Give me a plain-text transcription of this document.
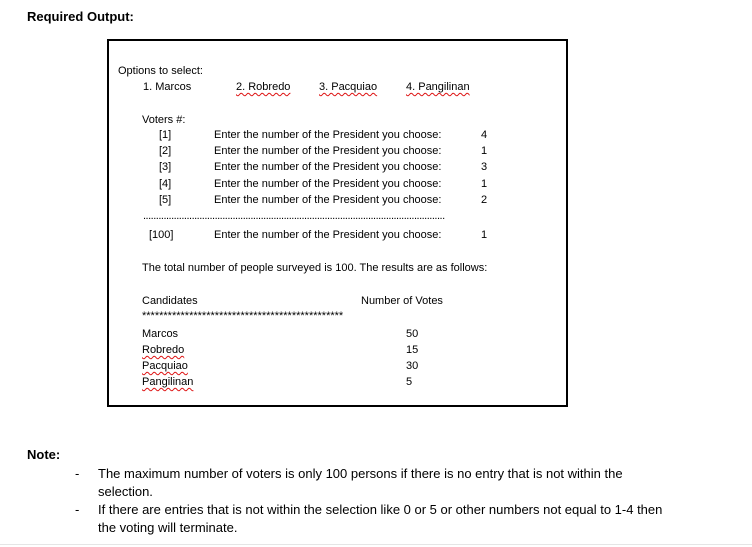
Required Output:
Options to select:
1. Marcos	2. Robredo	3. Pacquiao	4. Pangilinan
Voters #:
[1]	Enter the number of the President you choose:	4
[2]	Enter the number of the President you choose:	1
[3]	Enter the number of the President you choose:	3
[4]	Enter the number of the President you choose:	1
[5]	Enter the number of the President you choose:	2
......................................................................................................................
[100]	Enter the number of the President you choose:	1
The total number of people surveyed is 100. The results are as follows:
Candidates	Number of Votes
***********************************************
Marcos	50
Robredo	15
Pacquiao	30
Pangilinan	5
Note:
- The maximum number of voters is only 100 persons if there is no entry that is not within the
selection.
- If there are entries that is not within the selection like 0 or 5 or other numbers not equal to 1-4 then
the voting will terminate.
